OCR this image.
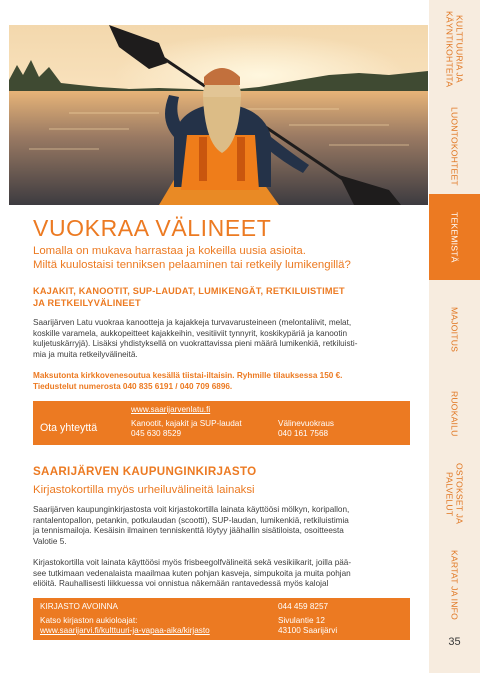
KULTTUURIA JA
KÄYNTIKOHTEITA
LUONTOKOHTEET
TEKEMISTÄ
MAJOITUS
RUOKAILU
OSTOKSET JA
PALVELUT
KARTAT JA INFO
35
VUOKRAA VÄLINEET
Lomalla on mukava harrastaa ja kokeilla uusia asioita.
Miltä kuulostaisi tenniksen pelaaminen tai retkeily lumikengillä?
KAJAKIT, KANOOTIT, SUP-LAUDAT, LUMIKENGÄT, RETKILUISTIMET
JA RETKEILYVÄLINEET
Saarijärven Latu vuokraa kanootteja ja kajakkeja turvavarusteineen (melontaliivit, melat,
koskille varamela, aukkopeitteet kajakkeihin, vesitiiviit tynnyrit, koskikypäriä ja kanootin
kuljetuskärryjä). Lisäksi yhdistyksellä on vuokrattavissa pieni määrä lumikenkiä, retkiluisti-
mia ja muita retkeilyvälineitä.
Maksutonta kirkkovenesoutua kesällä tiistai-iltaisin. Ryhmille tilauksessa 150 €.
Tiedustelut numerosta 040 835 6191 / 040 709 6896.

Ota yhteyttä

ja tee varaus!

www.saarijarvenlatu.fi
Kanootit, kajakit ja SUP-laudat
045 630 8529
Välinevuokraus
040 161 7568
SAARIJÄRVEN KAUPUNGINKIRJASTO
Kirjastokortilla myös urheiluvälineitä lainaksi
Saarijärven kaupunginkirjastosta voit kirjastokortilla lainata käyttöösi mölkyn, koripallon,
rantalentopallon, petankin, potkulaudan (scootti), SUP-laudan, lumikenkiä, retkiluistimia
ja tennismailoja. Kesäisin ilmainen tenniskenttä löytyy jäähallin sisätiloista, osoitteesta
Valotie 5.
Kirjastokortilla voit lainata käyttöösi myös frisbeegolfvälineitä sekä vesikiikarit, joilla pää-
see tutkimaan vedenalaista maailmaa kuten pohjan kasveja, simpukoita ja muita pohjan
eliöitä. Rauhallisesti liikkuessa voi onnistua näkemään rantavedessä myös kalojal
KIRJASTO AVOINNA	044 459 8257
Katso kirjaston aukioloajat:
www.saarijarvi.fi/kulttuuri-ja-vapaa-aika/kirjasto
Sivulantie 12
43100 Saarijärvi
